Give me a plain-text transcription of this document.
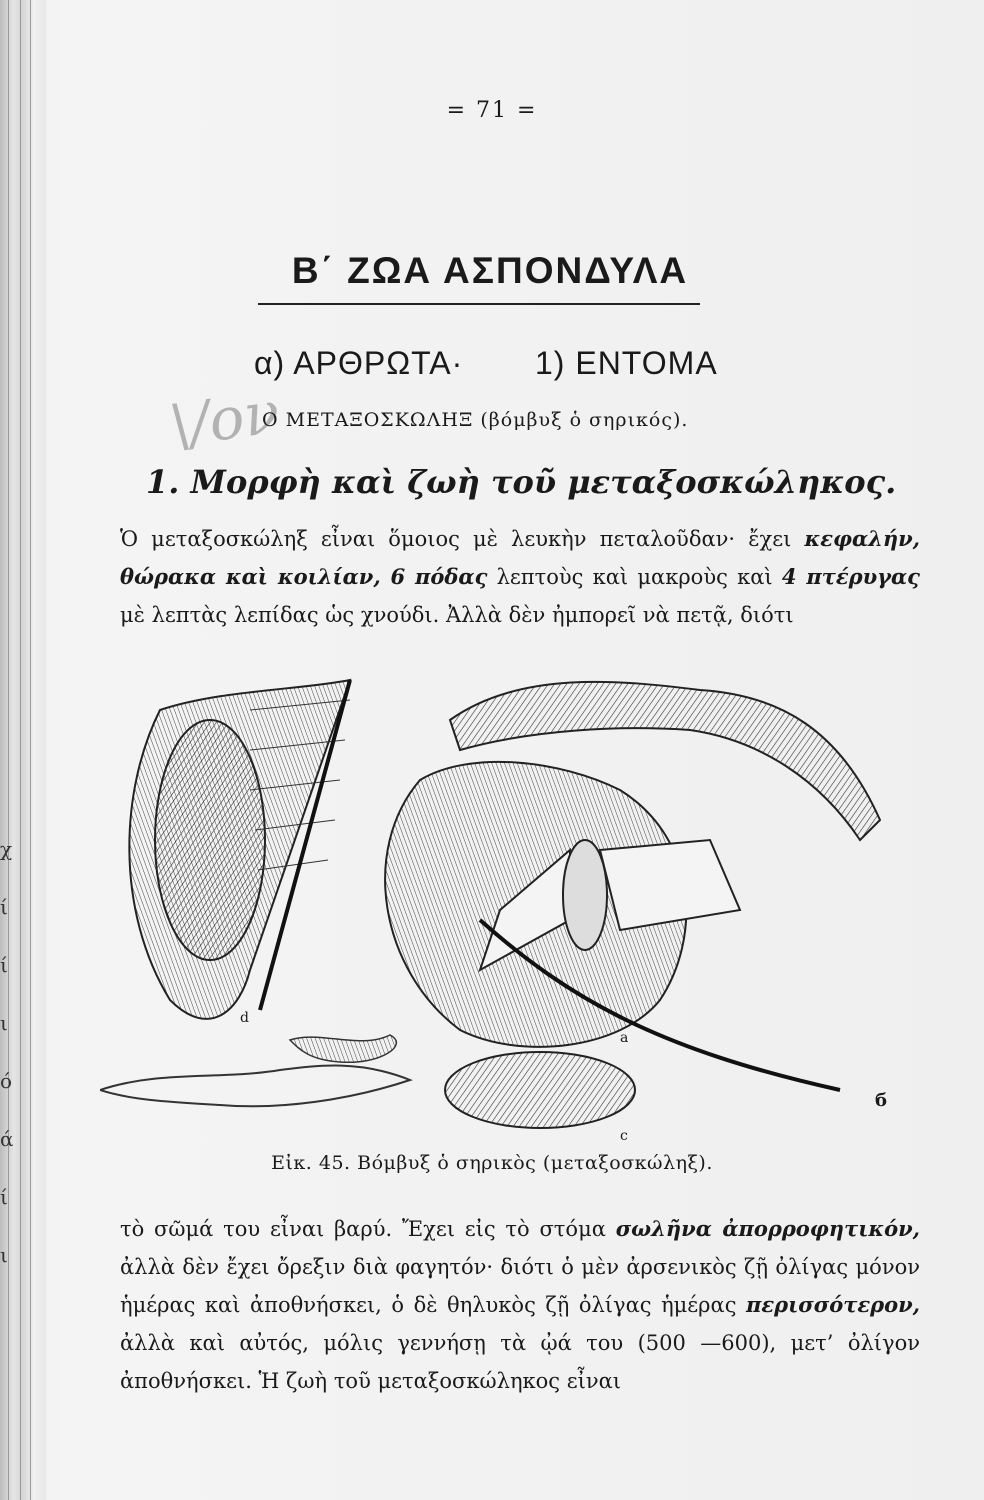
χ
ί
ί
ι
ό
ά
ί
ι
= 71 =
Β΄ ΖΩΑ ΑΣΠΟΝΔΥΛΑ
α) ΑΡΘΡΩΤΑ· 1) ΕΝΤΟΜΑ
\/ον
Ο ΜΕΤΑΞΟΣΚΩΛΗΞ (βόμβυξ ὁ σηρικός).
1. Μορφὴ καὶ ζωὴ τοῦ μεταξοσκώληκος.
Ὁ μεταξοσκώληξ εἶναι ὅμοιος μὲ λευκὴν πεταλοῦδαν· ἔχει κεφαλήν, θώρακα καὶ κοιλίαν, 6 πόδας λεπτοὺς καὶ μακροὺς καὶ 4 πτέρυγας μὲ λεπτὰς λεπίδας ὡς χνούδι. Ἀλλὰ δὲν ἠμπορεῖ νὰ πετᾷ, διότι
d
a
б
c
Εἰκ. 45. Βόμβυξ ὁ σηρικὸς (μεταξοσκώληξ).
τὸ σῶμά του εἶναι βαρύ. Ἔχει εἰς τὸ στόμα σωλῆνα ἀπορροφητικόν, ἀλλὰ δὲν ἔχει ὄρεξιν διὰ φαγητόν· διότι ὁ μὲν ἀρσενικὸς ζῇ ὀλίγας μόνον ἡμέρας καὶ ἀποθνήσκει, ὁ δὲ θηλυκὸς ζῇ ὀλίγας ἡμέρας περισσότερον, ἀλλὰ καὶ αὐτός, μόλις γεννήσῃ τὰ ᾠά του (500 —600), μετ’ ὀλίγον ἀποθνήσκει. Ἡ ζωὴ τοῦ μεταξοσκώληκος εἶναι
